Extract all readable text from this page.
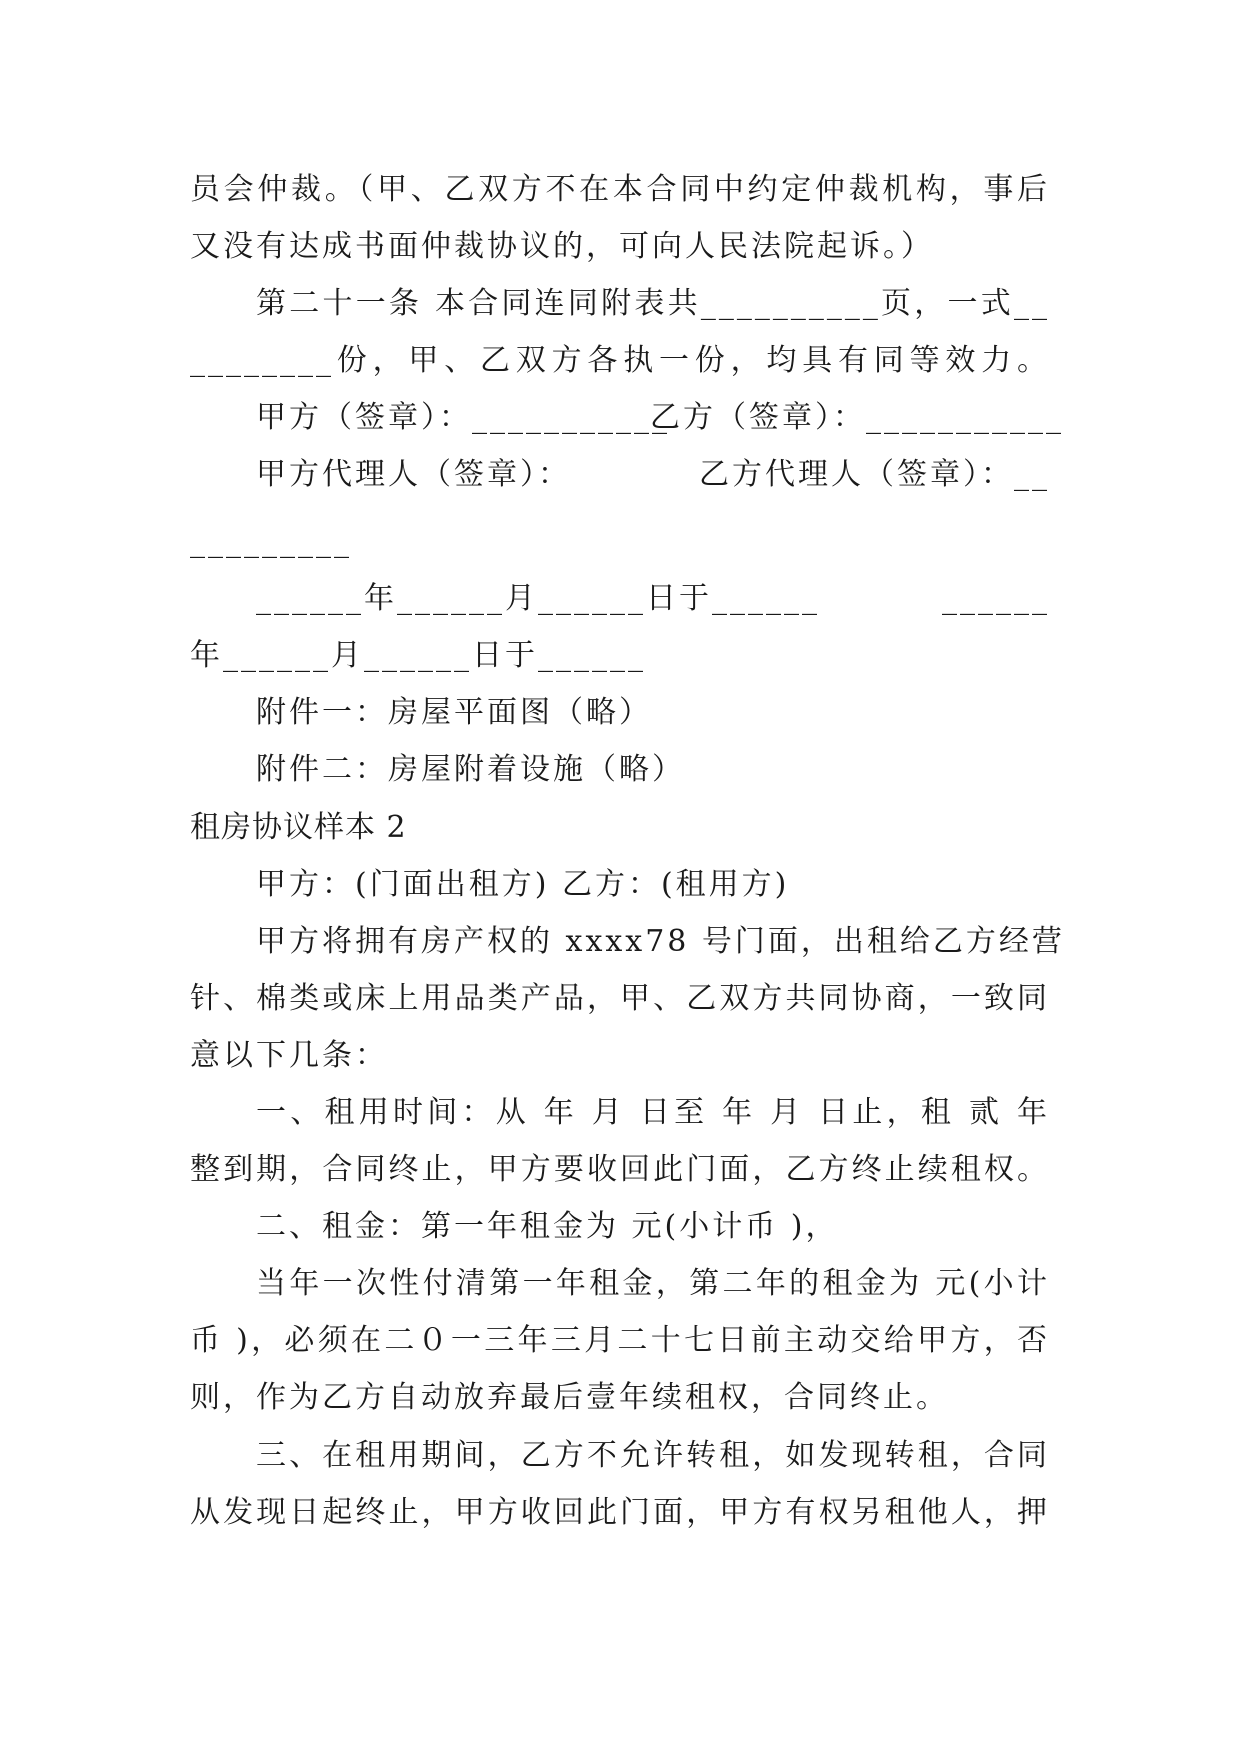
员会仲裁。（甲、乙双方不在本合同中约定仲裁机构，事后
又没有达成书面仲裁协议的，可向人民法院起诉。）
第二十一条 本合同连同附表共__________页，一式__
________份，甲、乙双方各执一份，均具有同等效力。
甲方（签章）：___________
乙方（签章）：___________
甲方代理人（签章）：	乙方代理人（签章）：__
_________
______年______月______日于______	______
年______月______日于______
附件一：房屋平面图（略）
附件二：房屋附着设施（略）
租房协议样本 2
甲方：(门面出租方) 乙方：(租用方)
甲方将拥有房产权的 xxxx78 号门面，出租给乙方经营
针、棉类或床上用品类产品，甲、乙双方共同协商，一致同
意以下几条：
一、租用时间：从 年 月 日至 年 月 日止，租 贰 年
整到期，合同终止，甲方要收回此门面，乙方终止续租权。
二、租金：第一年租金为 元(小计币 )，
当年一次性付清第一年租金，第二年的租金为 元(小计
币 )，必须在二０一三年三月二十七日前主动交给甲方，否
则，作为乙方自动放弃最后壹年续租权，合同终止。
三、在租用期间，乙方不允许转租，如发现转租，合同
从发现日起终止，甲方收回此门面，甲方有权另租他人，押
